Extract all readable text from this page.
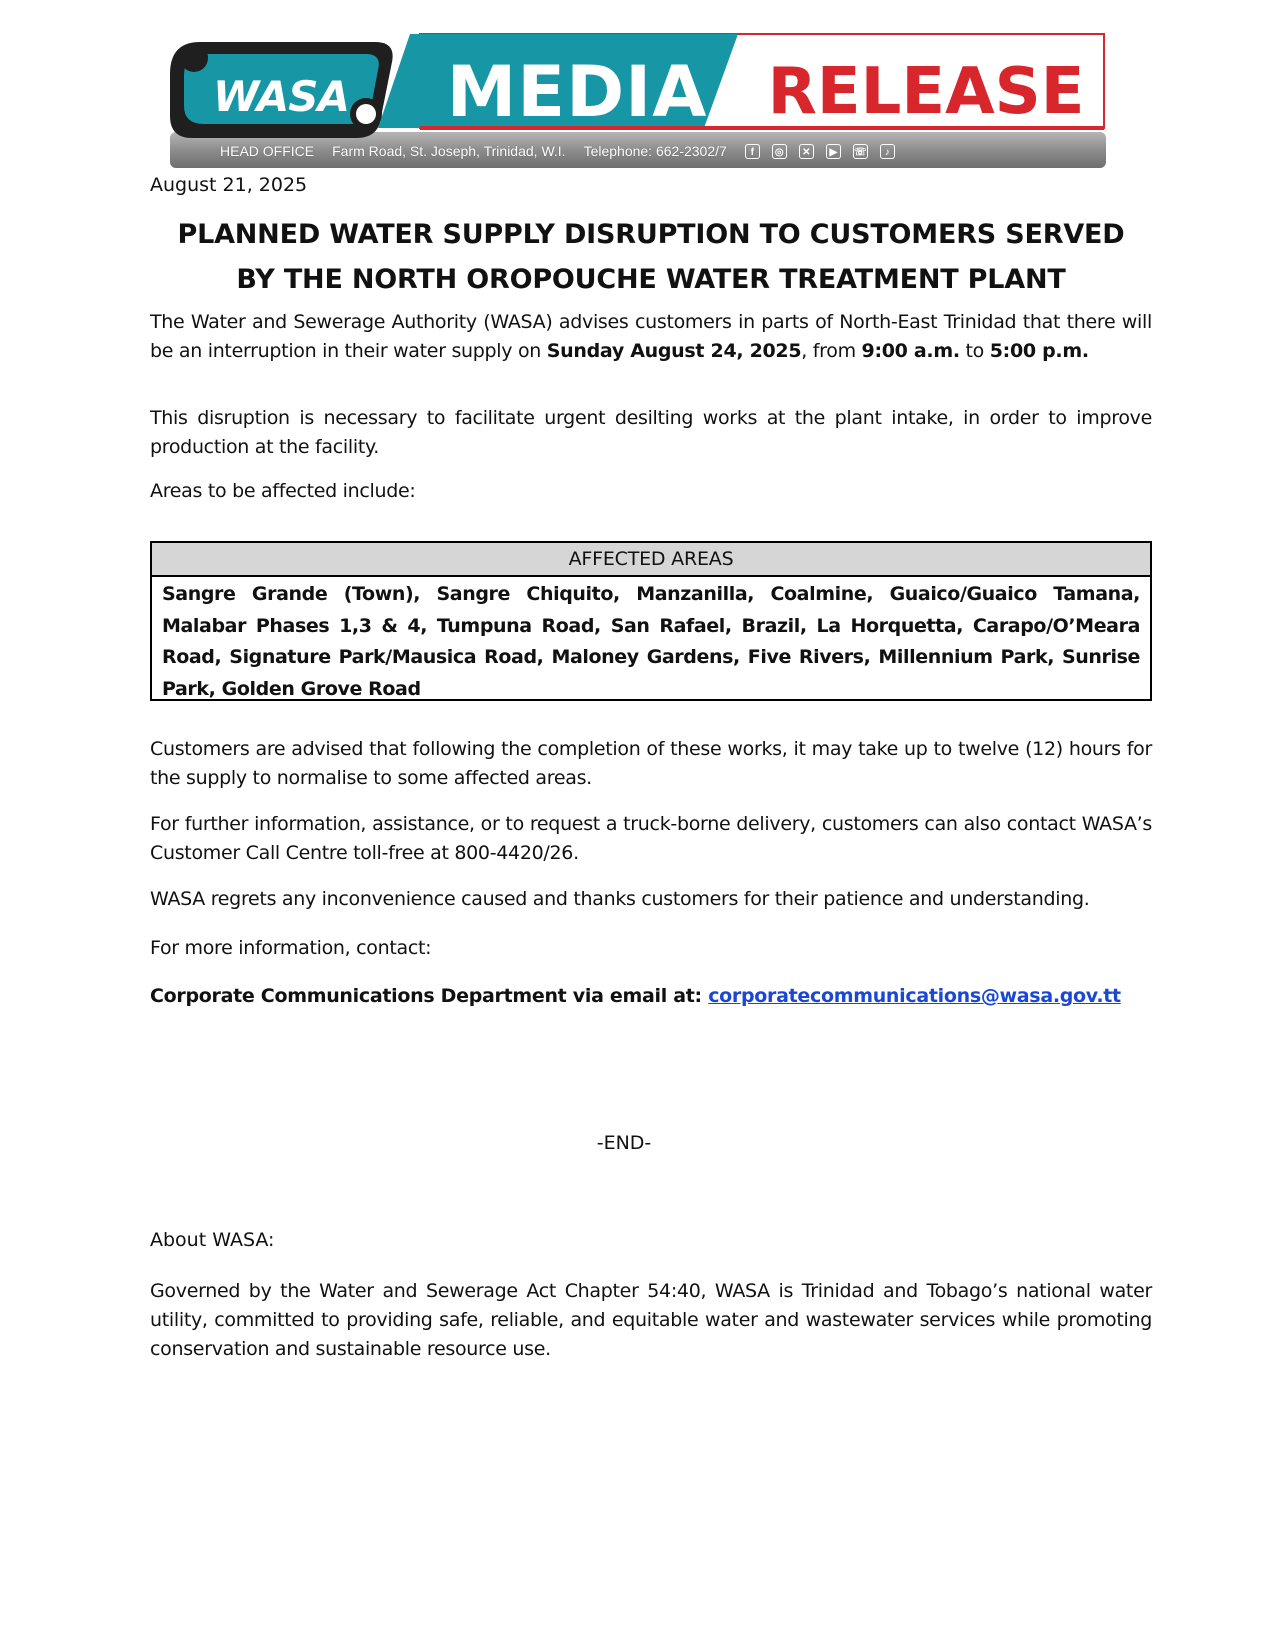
WASA MEDIA RELEASE
HEAD OFFICE Farm Road, St. Joseph, Trinidad, W.I. Telephone: 662-2302/7	f	◎	✕	▶	☏	♪
August 21, 2025
PLANNED WATER SUPPLY DISRUPTION TO CUSTOMERS SERVED
BY THE NORTH OROPOUCHE WATER TREATMENT PLANT
The Water and Sewerage Authority (WASA) advises customers in parts of North-East Trinidad that there will be an interruption in their water supply on Sunday August 24, 2025, from 9:00 a.m. to 5:00 p.m.
This disruption is necessary to facilitate urgent desilting works at the plant intake, in order to improve production at the facility.
Areas to be affected include:
AFFECTED AREAS
Sangre Grande (Town), Sangre Chiquito, Manzanilla, Coalmine, Guaico/Guaico Tamana, Malabar Phases 1,3 & 4, Tumpuna Road, San Rafael, Brazil, La Horquetta, Carapo/O’Meara Road, Signature Park/Mausica Road, Maloney Gardens, Five Rivers, Millennium Park, Sunrise Park, Golden Grove Road
Customers are advised that following the completion of these works, it may take up to twelve (12) hours for the supply to normalise to some affected areas.
For further information, assistance, or to request a truck-borne delivery, customers can also contact WASA’s Customer Call Centre toll-free at 800-4420/26.
WASA regrets any inconvenience caused and thanks customers for their patience and understanding.
For more information, contact:
Corporate Communications Department via email at: corporatecommunications@wasa.gov.tt
-END-
About WASA:
Governed by the Water and Sewerage Act Chapter 54:40, WASA is Trinidad and Tobago’s national water utility, committed to providing safe, reliable, and equitable water and wastewater services while promoting conservation and sustainable resource use.
